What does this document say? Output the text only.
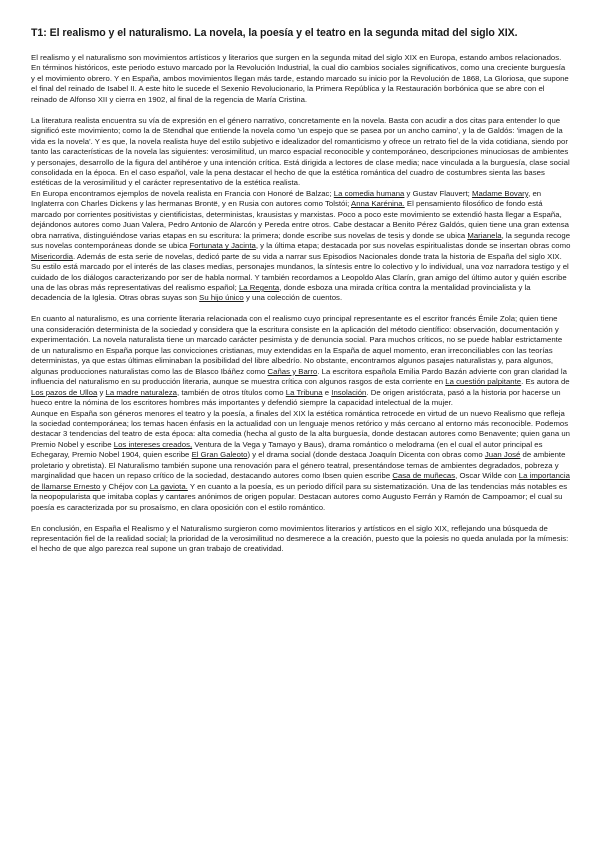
T1: El realismo y el naturalismo. La novela, la poesía y el teatro en la segunda mitad del siglo XIX.

El realismo y el naturalismo son movimientos artísticos y literarios que surgen en la segunda mitad del siglo XIX en Europa, estando ambos relacionados. En términos históricos, este periodo estuvo marcado por la Revolución Industrial, la cual dio cambios sociales significativos, como una creciente burguesía y el movimiento obrero. Y en España, ambos movimientos llegan más tarde, estando marcado su inicio por la Revolución de 1868, La Gloriosa, que supone el final del reinado de Isabel II. A este hito le sucede el Sexenio Revolucionario, la Primera República y la Restauración borbónica que se abre con el reinado de Alfonso XII y cierra en 1902, al final de la regencia de María Cristina.

La literatura realista encuentra su vía de expresión en el género narrativo, concretamente en la novela. Basta con acudir a dos citas para entender lo que significó este movimiento; como la de Stendhal que entiende la novela como 'un espejo que se pasea por un ancho camino', y la de Galdós: 'imagen de la vida es la novela'. Y es que, la novela realista huye del estilo subjetivo e idealizador del romanticismo y ofrece un retrato fiel de la vida cotidiana, siendo por tanto las características de la novela las siguientes: verosimilitud, un marco espacial reconocible y contemporáneo, descripciones minuciosas de ambientes y personajes, desarrollo de la figura del antihéroe y una intención crítica. Está dirigida a lectores de clase media; nace vinculada a la burguesía, clase social consolidada en la época. En el caso español, vale la pena destacar el hecho de que la estética romántica del cuadro de costumbres sienta las bases estéticas de la verosimilitud y el carácter representativo de la estética realista.

En Europa encontramos ejemplos de novela realista en Francia con Honoré de Balzac; La comedia humana y Gustav Flauvert; Madame Bovary, en Inglaterra con Charles Dickens y las hermanas Brontë, y en Rusia con autores como Tolstói; Anna Karénina. El pensamiento filosófico de fondo está marcado por corrientes positivistas y cientificistas, deterministas, krausistas y marxistas. Poco a poco este movimiento se extendió hasta llegar a España, dejándonos autores como Juan Valera, Pedro Antonio de Alarcón y Pereda entre otros. Cabe destacar a Benito Pérez Galdós, quien tiene una gran extensa obra narrativa, distinguiéndose varias etapas en su escritura: la primera; donde escribe sus novelas de tesis y donde se ubica Marianela, la segunda recoge sus novelas contemporáneas donde se ubica Fortunata y Jacinta, y la última etapa; destacada por sus novelas espiritualistas donde se insertan obras como Misericordia. Además de esta serie de novelas, dedicó parte de su vida a narrar sus Episodios Nacionales donde trata la historia de España del siglo XIX. Su estilo está marcado por el interés de las clases medias, personajes mundanos, la síntesis entre lo colectivo y lo individual, una voz narradora testigo y el cuidado de los diálogos caracterizando por ser de habla normal. Y también recordamos a Leopoldo Alas Clarín, gran amigo del último autor y quién escribe una de las obras más representativas del realismo español; La Regenta, donde esboza una mirada crítica contra la mentalidad provincialista y la decadencia de la Iglesia. Otras obras suyas son Su hijo único y una colección de cuentos.

En cuanto al naturalismo, es una corriente literaria relacionada con el realismo cuyo principal representante es el escritor francés Émile Zola; quien tiene una consideración determinista de la sociedad y considera que la escritura consiste en la aplicación del método científico: observación, documentación y experimentación. La novela naturalista tiene un marcado carácter pesimista y de denuncia social. Para muchos críticos, no se puede hablar estrictamente de un naturalismo en España porque las convicciones cristianas, muy extendidas en la España de aquel momento, eran irreconciliables con las teorías deterministas, ya que estas últimas eliminaban la posibilidad del libre albedrío. No obstante, encontramos algunos pasajes naturalistas y, para algunos, algunas producciones naturalistas como las de Blasco Ibáñez como Cañas y Barro. La escritora española Emilia Pardo Bazán advierte con gran claridad la influencia del naturalismo en su producción literaria, aunque se muestra crítica con algunos rasgos de esta corriente en La cuestión palpitante. Es autora de Los pazos de Ulloa y La madre naturaleza, también de otros títulos como La Tribuna e Insolación. De origen aristócrata, pasó a la historia por hacerse un hueco entre la nómina de los escritores hombres más importantes y defendió siempre la capacidad intelectual de la mujer.

Aunque en España son géneros menores el teatro y la poesía, a finales del XIX la estética romántica retrocede en virtud de un nuevo Realismo que refleja la sociedad contemporánea; los temas hacen énfasis en la actualidad con un lenguaje menos retórico y más cercano al entorno más reconocible. Podemos destacar 3 tendencias del teatro de esta época: alta comedia (hecha al gusto de la alta burguesía, donde destacan autores como Benavente; quien gana un Premio Nobel y escribe Los intereses creados, Ventura de la Vega y Tamayo y Baus), drama romántico o melodrama (en el cual el autor principal es Echegaray, Premio Nobel 1904, quien escribe El Gran Galeoto) y el drama social (donde destaca Joaquín Dicenta con obras como Juan José de ambiente proletario y obretista). El Naturalismo también supone una renovación para el género teatral, presentándose temas de ambientes degradados, pobreza y marginalidad que hacen un repaso crítico de la sociedad, destacando autores como Ibsen quien escribe Casa de muñecas, Oscar Wilde con La importancia de llamarse Ernesto y Chéjov con La gaviota. Y en cuanto a la poesía, es un periodo difícil para su sistematización. Una de las tendencias más notables es la neopopularista que imitaba coplas y cantares anónimos de origen popular. Destacan autores como Augusto Ferrán y Ramón de Campoamor; el cual su poesía es caracterizada por su prosaísmo, en clara oposición con el estilo romántico.

En conclusión, en España el Realismo y el Naturalismo surgieron como movimientos literarios y artísticos en el siglo XIX, reflejando una búsqueda de representación fiel de la realidad social; la prioridad de la verosimilitud no desmerece a la creación, puesto que la poiesis no queda anulada por la mímesis: el hecho de que algo parezca real supone un gran trabajo de creatividad.
